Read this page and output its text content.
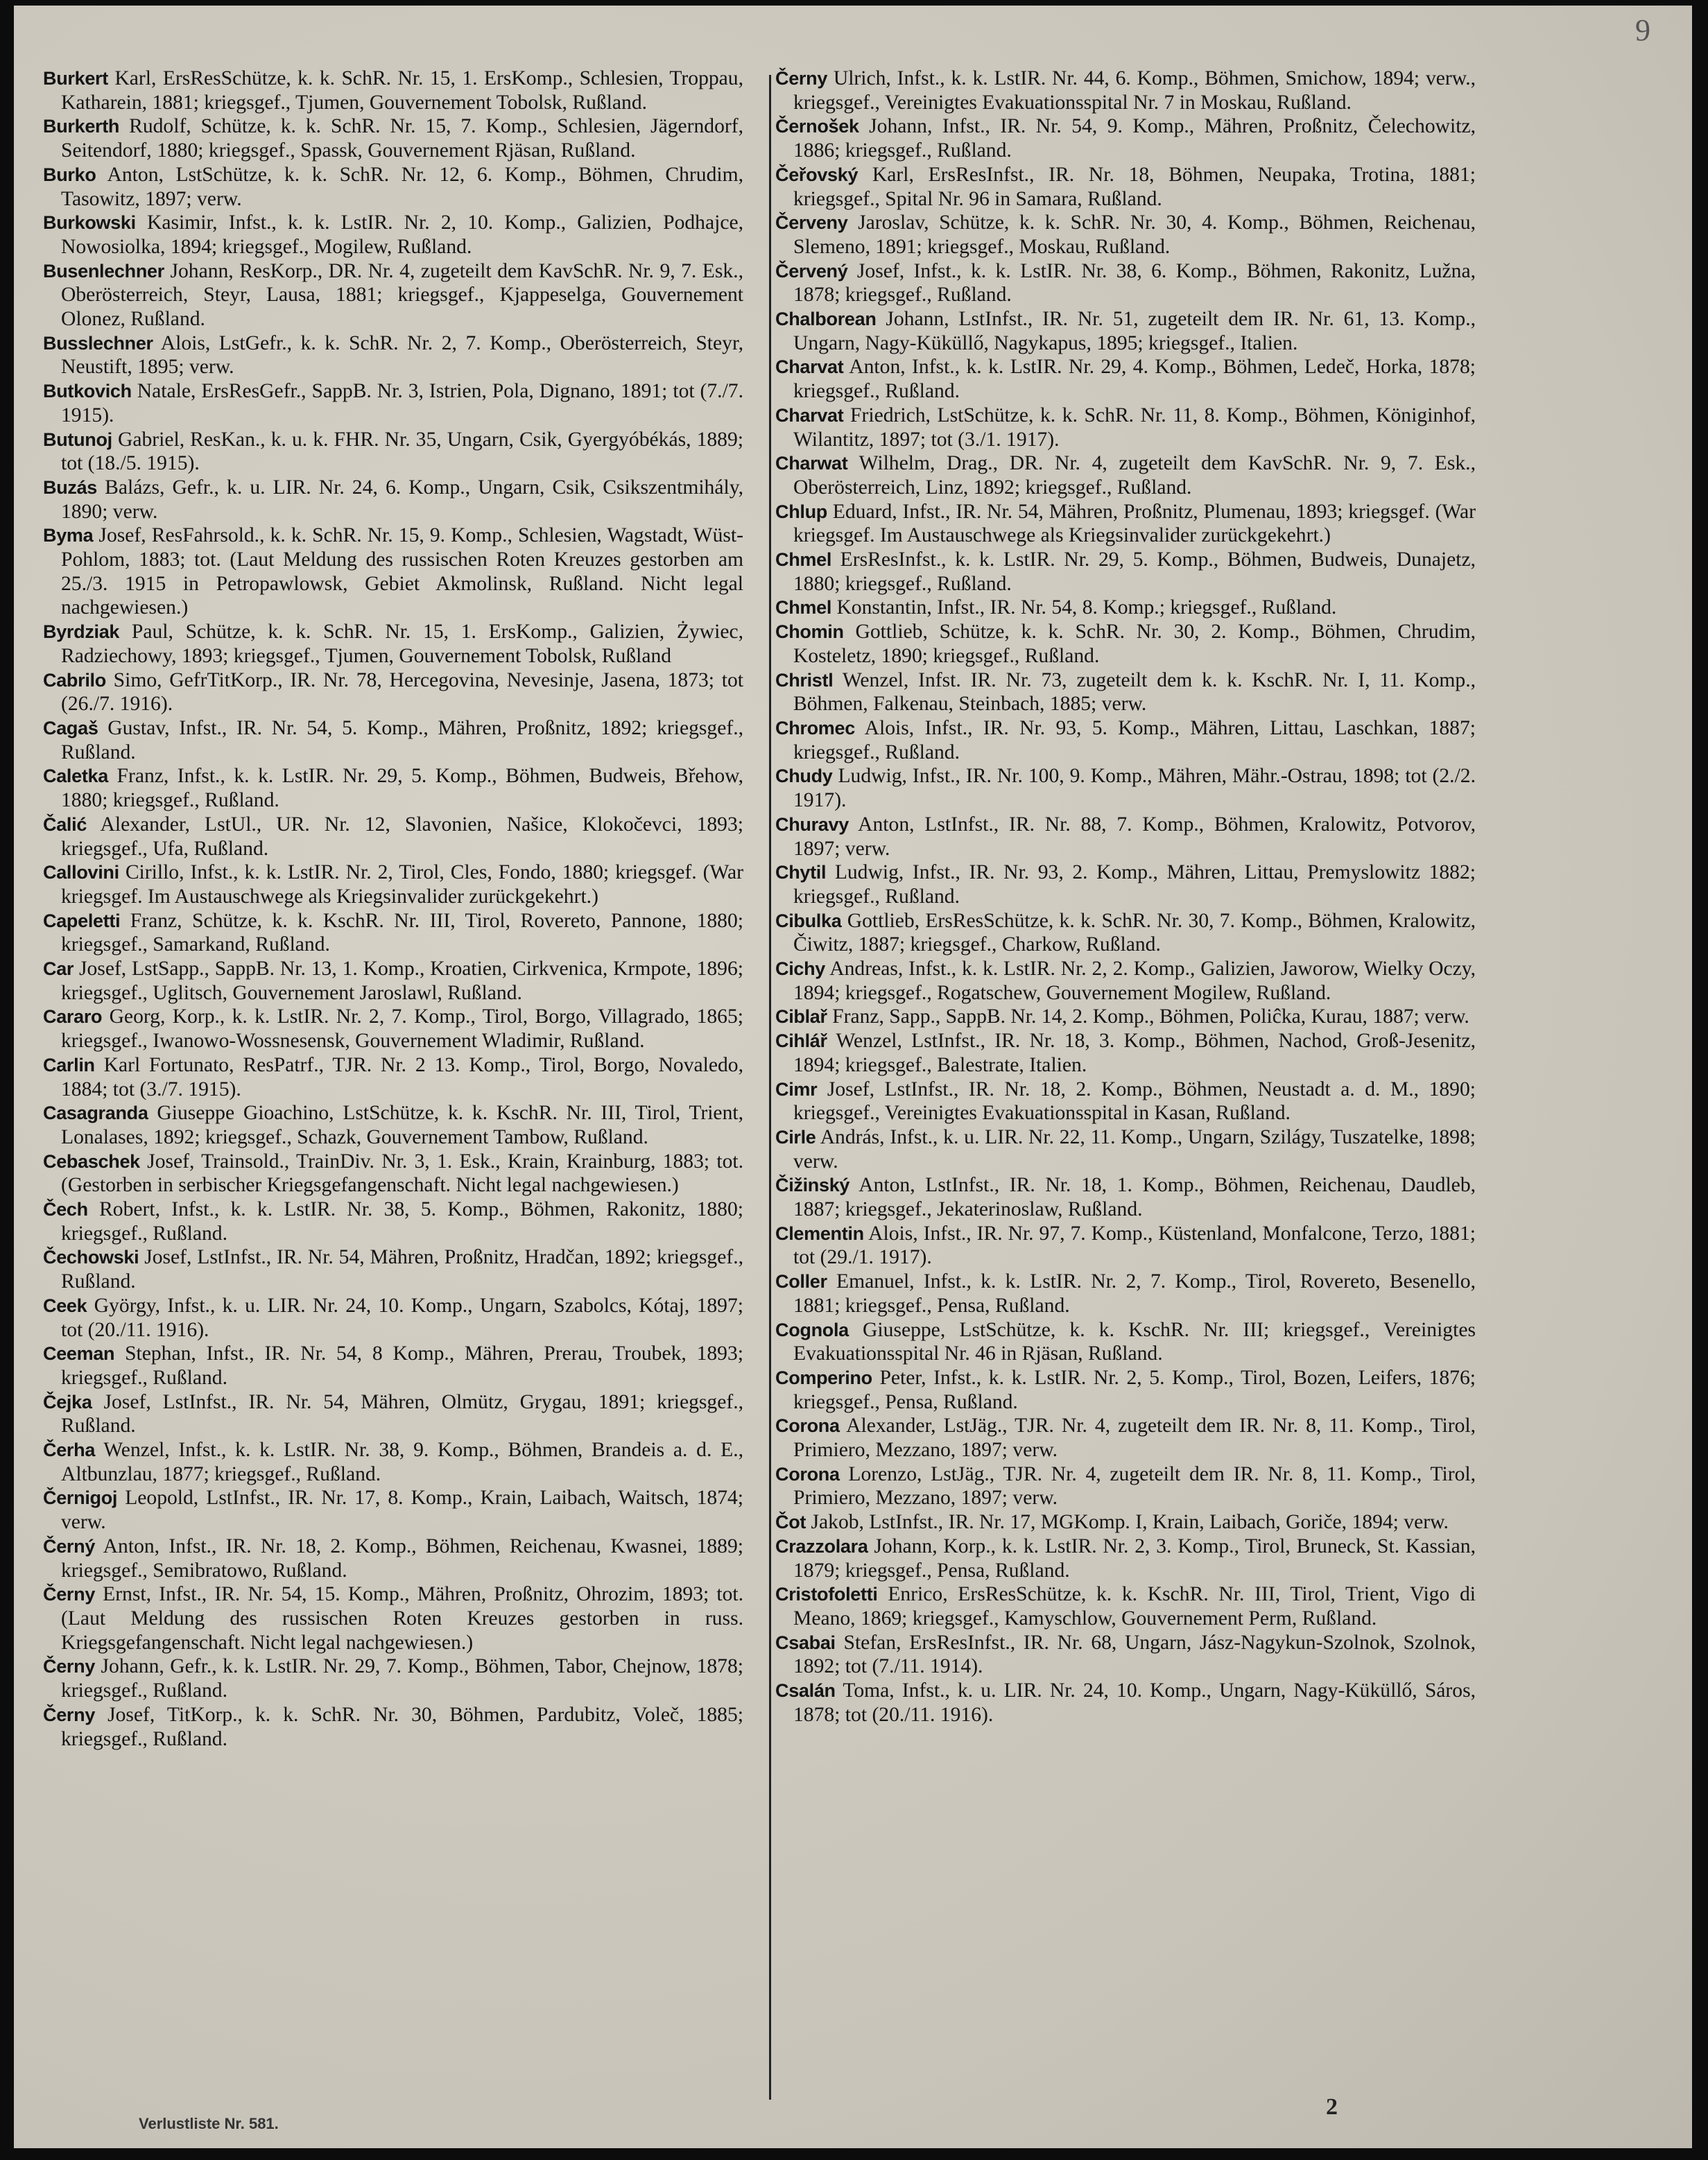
9

Burkert Karl, ErsResSchütze, k. k. SchR. Nr. 15, 1. ErsKomp., Schlesien, Troppau, Katharein, 1881; kriegsgef., Tjumen, Gouvernement Tobolsk, Rußland.

Burkerth Rudolf, Schütze, k. k. SchR. Nr. 15, 7. Komp., Schlesien, Jägerndorf, Seitendorf, 1880; kriegsgef., Spassk, Gouvernement Rjäsan, Rußland.

Burko Anton, LstSchütze, k. k. SchR. Nr. 12, 6. Komp., Böhmen, Chrudim, Tasowitz, 1897; verw.

Burkowski Kasimir, Infst., k. k. LstIR. Nr. 2, 10. Komp., Galizien, Podhajce, Nowosiolka, 1894; kriegsgef., Mogilew, Rußland.

Busenlechner Johann, ResKorp., DR. Nr. 4, zugeteilt dem KavSchR. Nr. 9, 7. Esk., Oberösterreich, Steyr, Lausa, 1881; kriegsgef., Kjappeselga, Gouvernement Olonez, Rußland.

Busslechner Alois, LstGefr., k. k. SchR. Nr. 2, 7. Komp., Oberösterreich, Steyr, Neustift, 1895; verw.

Butkovich Natale, ErsResGefr., SappB. Nr. 3, Istrien, Pola, Dignano, 1891; tot (7./7. 1915).

Butunoj Gabriel, ResKan., k. u. k. FHR. Nr. 35, Ungarn, Csik, Gyergyóbékás, 1889; tot (18./5. 1915).

Buzás Balázs, Gefr., k. u. LIR. Nr. 24, 6. Komp., Ungarn, Csik, Csikszentmihály, 1890; verw.

Byma Josef, ResFahrsold., k. k. SchR. Nr. 15, 9. Komp., Schlesien, Wagstadt, Wüst-Pohlom, 1883; tot. (Laut Meldung des russischen Roten Kreuzes gestorben am 25./3. 1915 in Petropawlowsk, Gebiet Akmolinsk, Rußland. Nicht legal nachgewiesen.)

Byrdziak Paul, Schütze, k. k. SchR. Nr. 15, 1. ErsKomp., Galizien, Żywiec, Radziechowy, 1893; kriegsgef., Tjumen, Gouvernement Tobolsk, Rußland

Cabrilo Simo, GefrTitKorp., IR. Nr. 78, Hercegovina, Nevesinje, Jasena, 1873; tot (26./7. 1916).

Cagaš Gustav, Infst., IR. Nr. 54, 5. Komp., Mähren, Proßnitz, 1892; kriegsgef., Rußland.

Caletka Franz, Infst., k. k. LstIR. Nr. 29, 5. Komp., Böhmen, Budweis, Břehow, 1880; kriegsgef., Rußland.

Čalić Alexander, LstUl., UR. Nr. 12, Slavonien, Našice, Klokočevci, 1893; kriegsgef., Ufa, Rußland.

Callovini Cirillo, Infst., k. k. LstIR. Nr. 2, Tirol, Cles, Fondo, 1880; kriegsgef. (War kriegsgef. Im Austauschwege als Kriegsinvalider zurückgekehrt.)

Capeletti Franz, Schütze, k. k. KschR. Nr. III, Tirol, Rovereto, Pannone, 1880; kriegsgef., Samarkand, Rußland.

Car Josef, LstSapp., SappB. Nr. 13, 1. Komp., Kroatien, Cirkvenica, Krmpote, 1896; kriegsgef., Uglitsch, Gouvernement Jaroslawl, Rußland.

Cararo Georg, Korp., k. k. LstIR. Nr. 2, 7. Komp., Tirol, Borgo, Villagrado, 1865; kriegsgef., Iwanowo-Wossnesensk, Gouvernement Wladimir, Rußland.

Carlin Karl Fortunato, ResPatrf., TJR. Nr. 2 13. Komp., Tirol, Borgo, Novaledo, 1884; tot (3./7. 1915).

Casagranda Giuseppe Gioachino, LstSchütze, k. k. KschR. Nr. III, Tirol, Trient, Lonalases, 1892; kriegsgef., Schazk, Gouvernement Tambow, Rußland.

Cebaschek Josef, Trainsold., TrainDiv. Nr. 3, 1. Esk., Krain, Krainburg, 1883; tot. (Gestorben in serbischer Kriegsgefangenschaft. Nicht legal nachgewiesen.)

Čech Robert, Infst., k. k. LstIR. Nr. 38, 5. Komp., Böhmen, Rakonitz, 1880; kriegsgef., Rußland.

Čechowski Josef, LstInfst., IR. Nr. 54, Mähren, Proßnitz, Hradčan, 1892; kriegsgef., Rußland.

Ceek György, Infst., k. u. LIR. Nr. 24, 10. Komp., Ungarn, Szabolcs, Kótaj, 1897; tot (20./11. 1916).

Ceeman Stephan, Infst., IR. Nr. 54, 8 Komp., Mähren, Prerau, Troubek, 1893; kriegsgef., Rußland.

Čejka Josef, LstInfst., IR. Nr. 54, Mähren, Olmütz, Grygau, 1891; kriegsgef., Rußland.

Čerha Wenzel, Infst., k. k. LstIR. Nr. 38, 9. Komp., Böhmen, Brandeis a. d. E., Altbunzlau, 1877; kriegsgef., Rußland.

Černigoj Leopold, LstInfst., IR. Nr. 17, 8. Komp., Krain, Laibach, Waitsch, 1874; verw.

Černý Anton, Infst., IR. Nr. 18, 2. Komp., Böhmen, Reichenau, Kwasnei, 1889; kriegsgef., Semibratowo, Rußland.

Černy Ernst, Infst., IR. Nr. 54, 15. Komp., Mähren, Proßnitz, Ohrozim, 1893; tot. (Laut Meldung des russischen Roten Kreuzes gestorben in russ. Kriegsgefangenschaft. Nicht legal nachgewiesen.)

Černy Johann, Gefr., k. k. LstIR. Nr. 29, 7. Komp., Böhmen, Tabor, Chejnow, 1878; kriegsgef., Rußland.

Černy Josef, TitKorp., k. k. SchR. Nr. 30, Böhmen, Pardubitz, Voleč, 1885; kriegsgef., Rußland.

Černy Ulrich, Infst., k. k. LstIR. Nr. 44, 6. Komp., Böhmen, Smichow, 1894; verw., kriegsgef., Vereinigtes Evakuationsspital Nr. 7 in Moskau, Rußland.

Černošek Johann, Infst., IR. Nr. 54, 9. Komp., Mähren, Proßnitz, Čelechowitz, 1886; kriegsgef., Rußland.

Čeřovský Karl, ErsResInfst., IR. Nr. 18, Böhmen, Neupaka, Trotina, 1881; kriegsgef., Spital Nr. 96 in Samara, Rußland.

Červeny Jaroslav, Schütze, k. k. SchR. Nr. 30, 4. Komp., Böhmen, Reichenau, Slemeno, 1891; kriegsgef., Moskau, Rußland.

Červený Josef, Infst., k. k. LstIR. Nr. 38, 6. Komp., Böhmen, Rakonitz, Lužna, 1878; kriegsgef., Rußland.

Chalborean Johann, LstInfst., IR. Nr. 51, zugeteilt dem IR. Nr. 61, 13. Komp., Ungarn, Nagy-Küküllő, Nagykapus, 1895; kriegsgef., Italien.

Charvat Anton, Infst., k. k. LstIR. Nr. 29, 4. Komp., Böhmen, Ledeč, Horka, 1878; kriegsgef., Rußland.

Charvat Friedrich, LstSchütze, k. k. SchR. Nr. 11, 8. Komp., Böhmen, Königinhof, Wilantitz, 1897; tot (3./1. 1917).

Charwat Wilhelm, Drag., DR. Nr. 4, zugeteilt dem KavSchR. Nr. 9, 7. Esk., Oberösterreich, Linz, 1892; kriegsgef., Rußland.

Chlup Eduard, Infst., IR. Nr. 54, Mähren, Proßnitz, Plumenau, 1893; kriegsgef. (War kriegsgef. Im Austauschwege als Kriegsinvalider zurückgekehrt.)

Chmel ErsResInfst., k. k. LstIR. Nr. 29, 5. Komp., Böhmen, Budweis, Dunajetz, 1880; kriegsgef., Rußland.

Chmel Konstantin, Infst., IR. Nr. 54, 8. Komp.; kriegsgef., Rußland.

Chomin Gottlieb, Schütze, k. k. SchR. Nr. 30, 2. Komp., Böhmen, Chrudim, Kosteletz, 1890; kriegsgef., Rußland.

Christl Wenzel, Infst. IR. Nr. 73, zugeteilt dem k. k. KschR. Nr. I, 11. Komp., Böhmen, Falkenau, Steinbach, 1885; verw.

Chromec Alois, Infst., IR. Nr. 93, 5. Komp., Mähren, Littau, Laschkan, 1887; kriegsgef., Rußland.

Chudy Ludwig, Infst., IR. Nr. 100, 9. Komp., Mähren, Mähr.-Ostrau, 1898; tot (2./2. 1917).

Churavy Anton, LstInfst., IR. Nr. 88, 7. Komp., Böhmen, Kralowitz, Potvorov, 1897; verw.

Chytil Ludwig, Infst., IR. Nr. 93, 2. Komp., Mähren, Littau, Premyslowitz 1882; kriegsgef., Rußland.

Cibulka Gottlieb, ErsResSchütze, k. k. SchR. Nr. 30, 7. Komp., Böhmen, Kralowitz, Čiwitz, 1887; kriegsgef., Charkow, Rußland.

Cichy Andreas, Infst., k. k. LstIR. Nr. 2, 2. Komp., Galizien, Jaworow, Wielky Oczy, 1894; kriegsgef., Rogatschew, Gouvernement Mogilew, Rußland.

Ciblař Franz, Sapp., SappB. Nr. 14, 2. Komp., Böhmen, Poliĉka, Kurau, 1887; verw.

Cihlář Wenzel, LstInfst., IR. Nr. 18, 3. Komp., Böhmen, Nachod, Groß-Jesenitz, 1894; kriegsgef., Balestrate, Italien.

Cimr Josef, LstInfst., IR. Nr. 18, 2. Komp., Böhmen, Neustadt a. d. M., 1890; kriegsgef., Vereinigtes Evakuationsspital in Kasan, Rußland.

Cirle András, Infst., k. u. LIR. Nr. 22, 11. Komp., Ungarn, Szilágy, Tuszatelke, 1898; verw.

Čižinský Anton, LstInfst., IR. Nr. 18, 1. Komp., Böhmen, Reichenau, Daudleb, 1887; kriegsgef., Jekaterinoslaw, Rußland.

Clementin Alois, Infst., IR. Nr. 97, 7. Komp., Küstenland, Monfalcone, Terzo, 1881; tot (29./1. 1917).

Coller Emanuel, Infst., k. k. LstIR. Nr. 2, 7. Komp., Tirol, Rovereto, Besenello, 1881; kriegsgef., Pensa, Rußland.

Cognola Giuseppe, LstSchütze, k. k. KschR. Nr. III; kriegsgef., Vereinigtes Evakuationsspital Nr. 46 in Rjäsan, Rußland.

Comperino Peter, Infst., k. k. LstIR. Nr. 2, 5. Komp., Tirol, Bozen, Leifers, 1876; kriegsgef., Pensa, Rußland.

Corona Alexander, LstJäg., TJR. Nr. 4, zugeteilt dem IR. Nr. 8, 11. Komp., Tirol, Primiero, Mezzano, 1897; verw.

Corona Lorenzo, LstJäg., TJR. Nr. 4, zugeteilt dem IR. Nr. 8, 11. Komp., Tirol, Primiero, Mezzano, 1897; verw.

Čot Jakob, LstInfst., IR. Nr. 17, MGKomp. I, Krain, Laibach, Goriče, 1894; verw.

Crazzolara Johann, Korp., k. k. LstIR. Nr. 2, 3. Komp., Tirol, Bruneck, St. Kassian, 1879; kriegsgef., Pensa, Rußland.

Cristofoletti Enrico, ErsResSchütze, k. k. KschR. Nr. III, Tirol, Trient, Vigo di Meano, 1869; kriegsgef., Kamyschlow, Gouvernement Perm, Rußland.

Csabai Stefan, ErsResInfst., IR. Nr. 68, Ungarn, Jász-Nagykun-Szolnok, Szolnok, 1892; tot (7./11. 1914).

Csalán Toma, Infst., k. u. LIR. Nr. 24, 10. Komp., Ungarn, Nagy-Küküllő, Sáros, 1878; tot (20./11. 1916).

Verlustliste Nr. 581.
2
